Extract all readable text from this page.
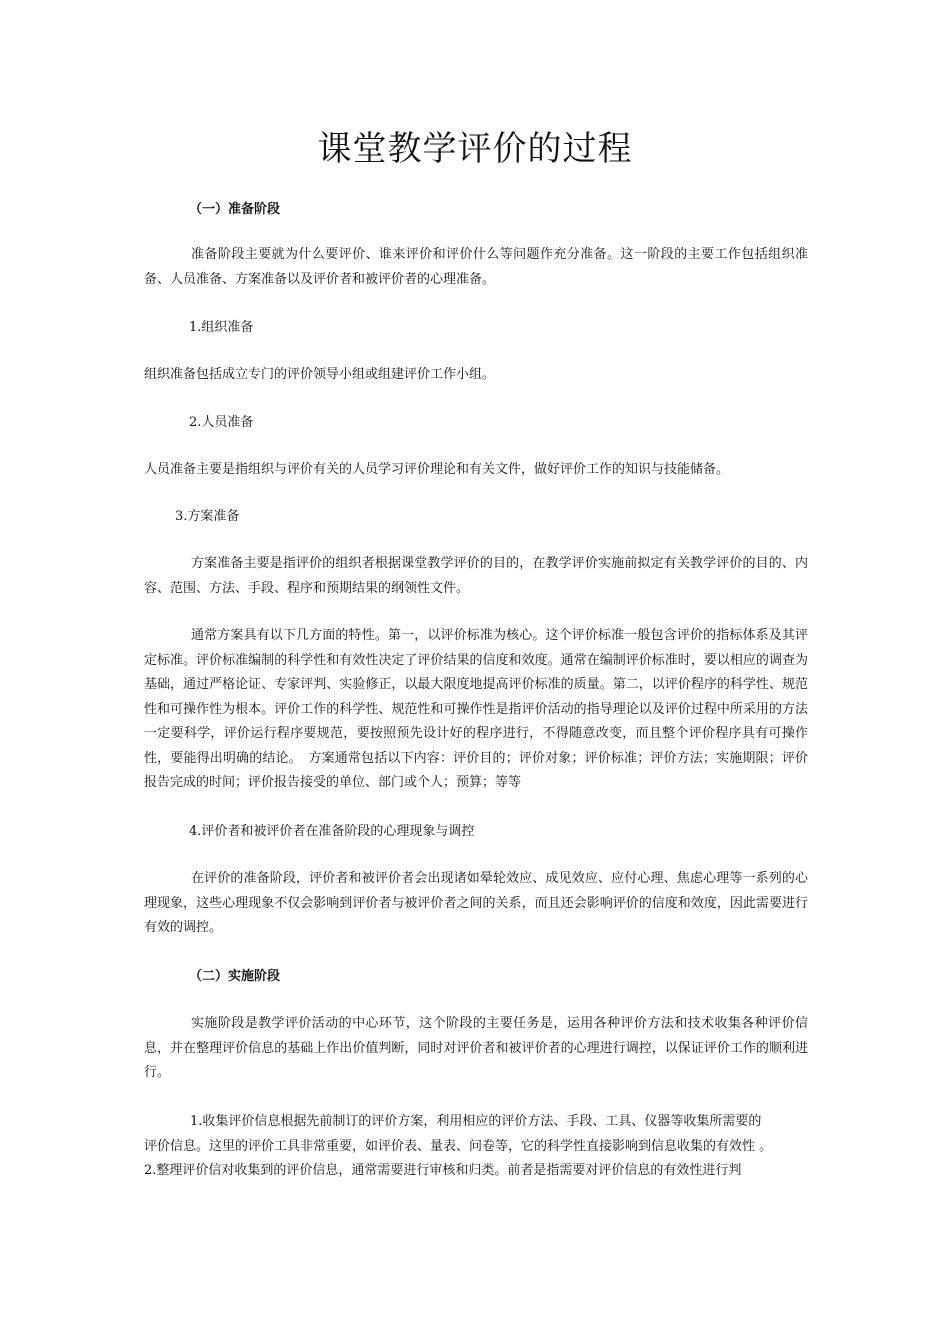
课堂教学评价的过程
（一）准备阶段

准备阶段主要就为什么要评价、谁来评价和评价什么等问题作充分准备。这一阶段的主要工作包括组织准备、人员准备、方案准备以及评价者和被评价者的心理准备。

1.组织准备

组织准备包括成立专门的评价领导小组或组建评价工作小组。

2.人员准备

人员准备主要是指组织与评价有关的人员学习评价理论和有关文件，做好评价工作的知识与技能储备。

3.方案准备

方案准备主要是指评价的组织者根据课堂教学评价的目的，在教学评价实施前拟定有关教学评价的目的、内容、范围、方法、手段、程序和预期结果的纲领性文件。

通常方案具有以下几方面的特性。第一，以评价标准为核心。这个评价标准一般包含评价的指标体系及其评定标准。评价标准编制的科学性和有效性决定了评价结果的信度和效度。通常在编制评价标准时，要以相应的调查为基础，通过严格论证、专家评判、实验修正，以最大限度地提高评价标准的质量。第二，以评价程序的科学性、规范性和可操作性为根本。评价工作的科学性、规范性和可操作性是指评价活动的指导理论以及评价过程中所采用的方法一定要科学，评价运行程序要规范，要按照预先设计好的程序进行，不得随意改变，而且整个评价程序具有可操作性，要能得出明确的结论。　方案通常包括以下内容：评价目的；评价对象；评价标准；评价方法；实施期限；评价报告完成的时间；评价报告接受的单位、部门或个人；预算；等等

4.评价者和被评价者在准备阶段的心理现象与调控

在评价的准备阶段，评价者和被评价者会出现诸如晕轮效应、成见效应、应付心理、焦虑心理等一系列的心理现象，这些心理现象不仅会影响到评价者与被评价者之间的关系，而且还会影响评价的信度和效度，因此需要进行有效的调控。

（二）实施阶段

实施阶段是教学评价活动的中心环节，这个阶段的主要任务是，运用各种评价方法和技术收集各种评价信息，并在整理评价信息的基础上作出价值判断，同时对评价者和被评价者的心理进行调控，以保证评价工作的顺利进行。

1.收集评价信息根据先前制订的评价方案，利用相应的评价方法、手段、工具、仪器等收集所需要的

评价信息。这里的评价工具非常重要，如评价表、量表、问卷等，它的科学性直接影响到信息收集的有效性 。

2.整理评价信对收集到的评价信息，通常需要进行审核和归类。前者是指需要对评价信息的有效性进行判
